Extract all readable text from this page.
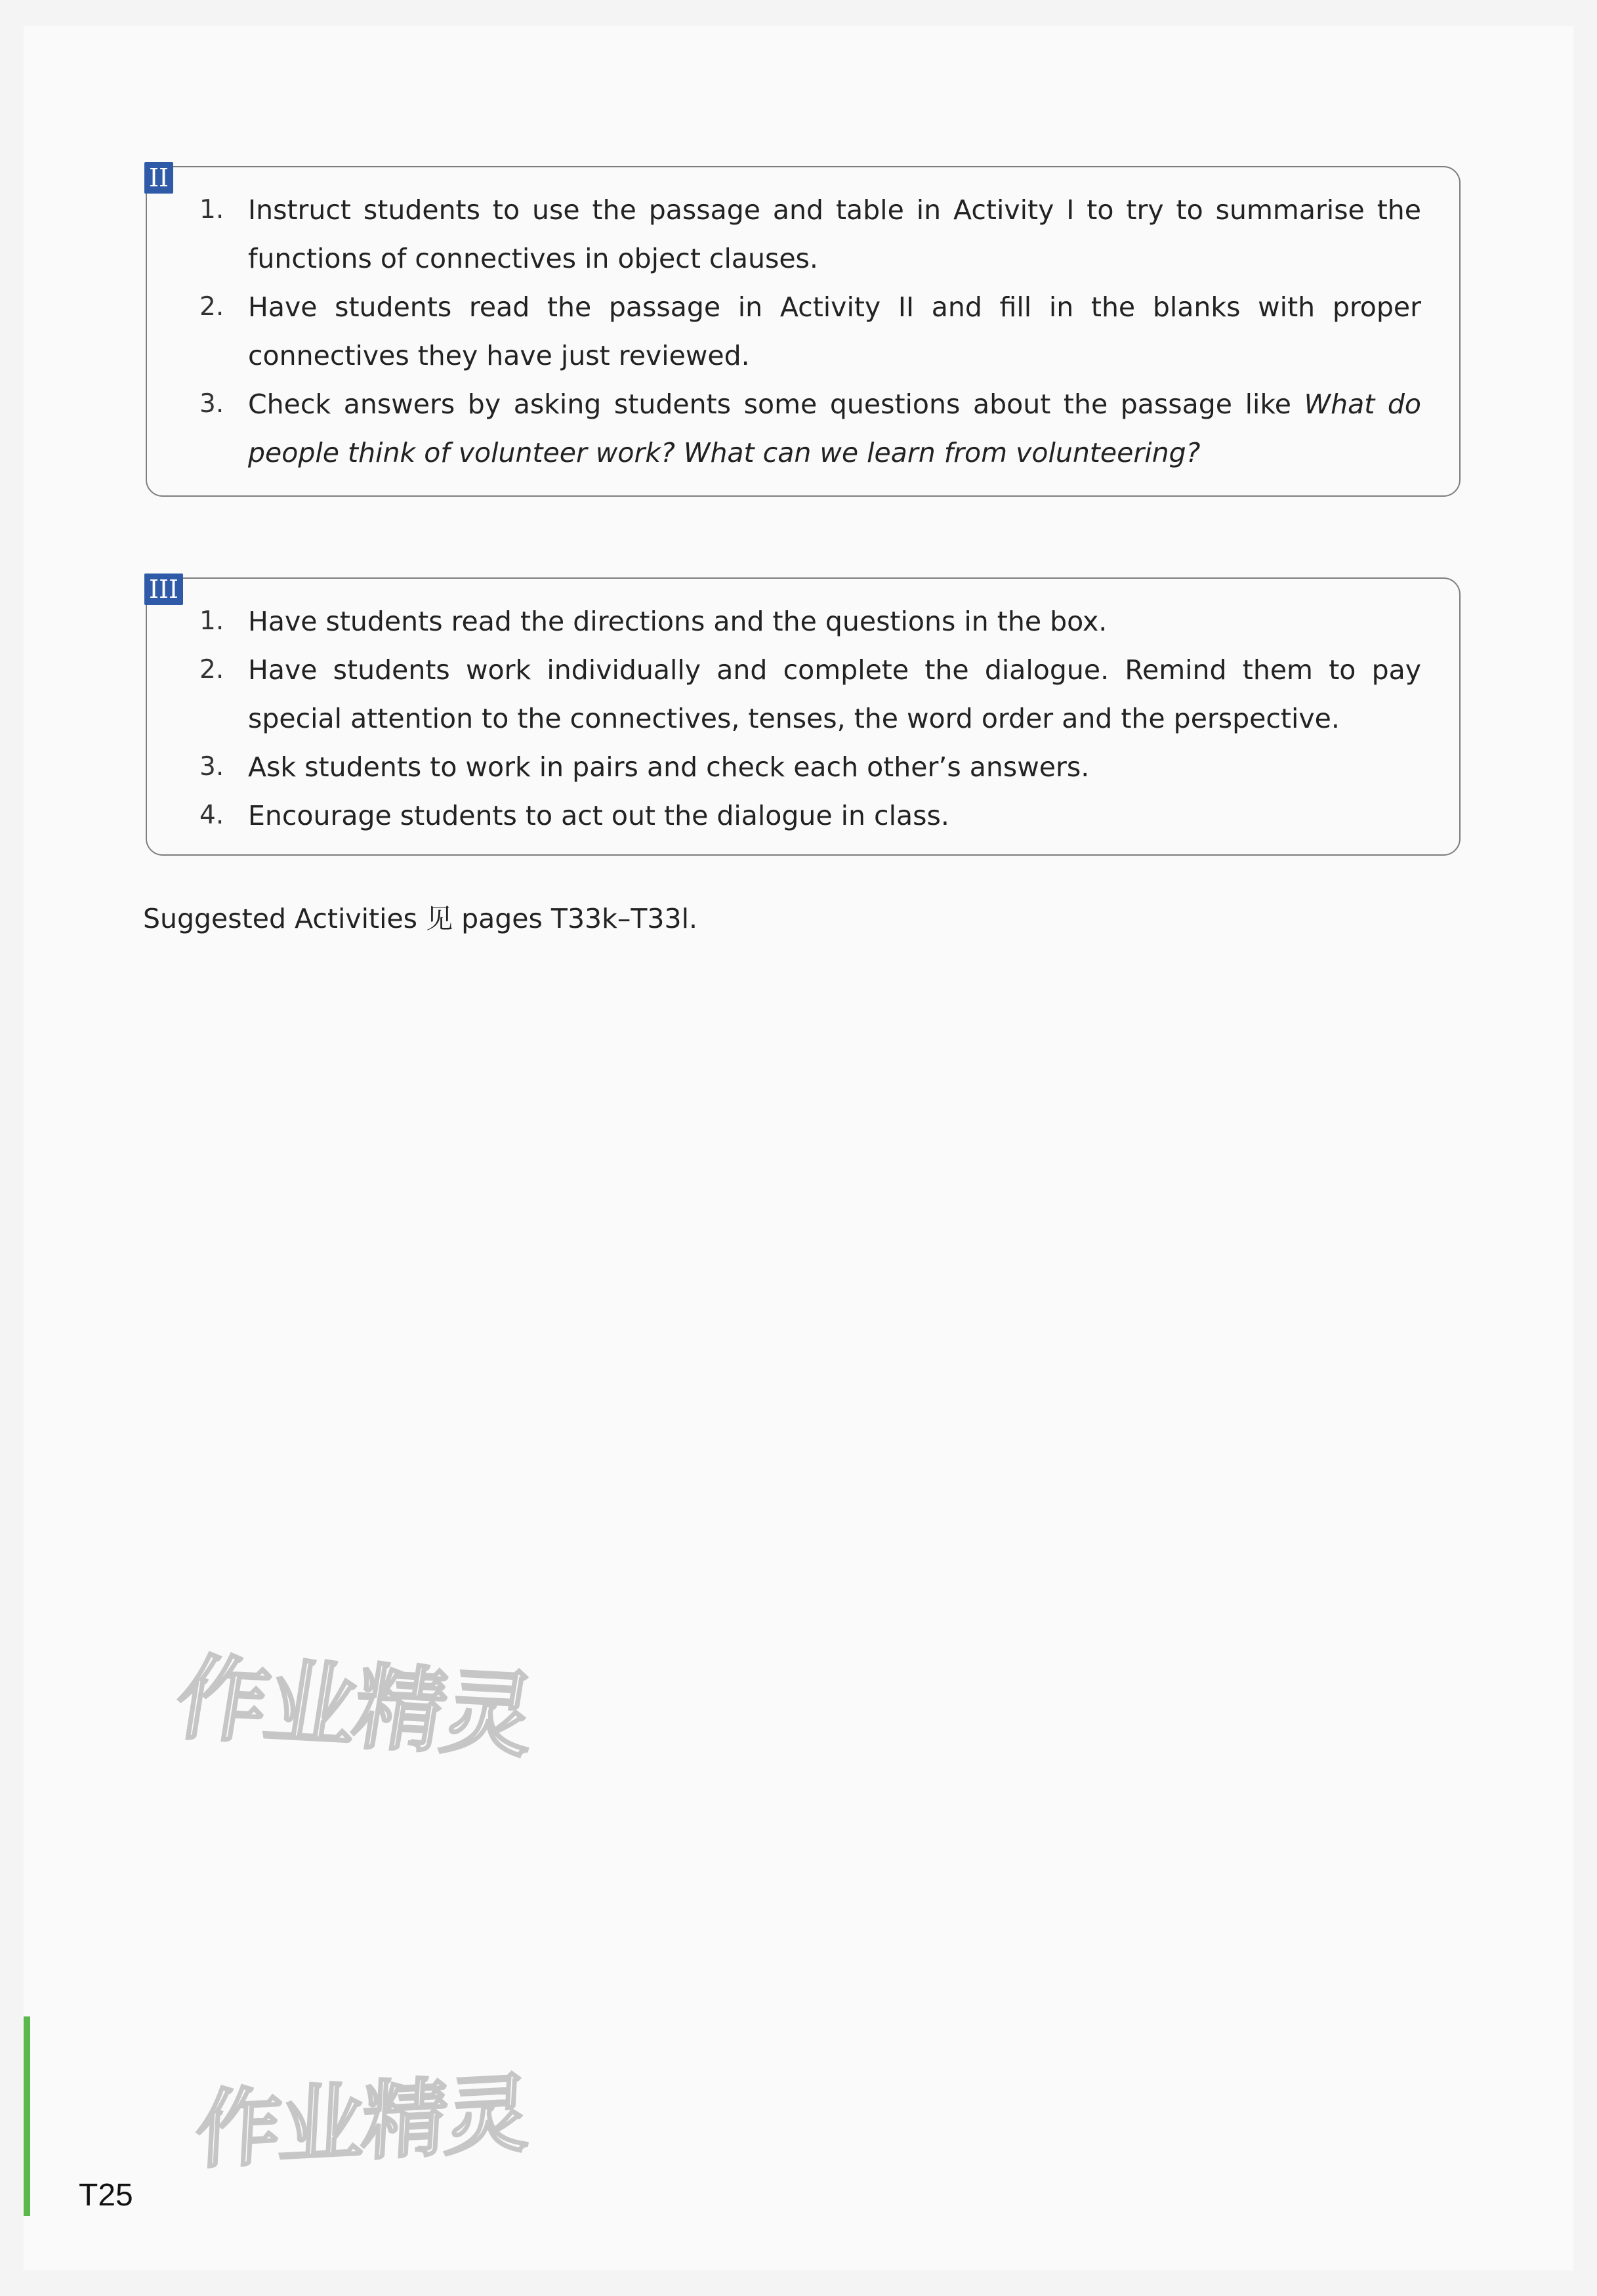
II
1. Instruct students to use the passage and table in Activity I to try to summarise the functions of connectives in object clauses.
2. Have students read the passage in Activity II and fill in the blanks with proper connectives they have just reviewed.
3. Check answers by asking students some questions about the passage like What do people think of volunteer work? What can we learn from volunteering?
III
1. Have students read the directions and the questions in the box.
2. Have students work individually and complete the dialogue. Remind them to pay special attention to the connectives, tenses, the word order and the perspective.
3. Ask students to work in pairs and check each other’s answers.
4. Encourage students to act out the dialogue in class.

Suggested Activities 见 pages T33k–T33l.

作业精灵
作业精灵
T25
